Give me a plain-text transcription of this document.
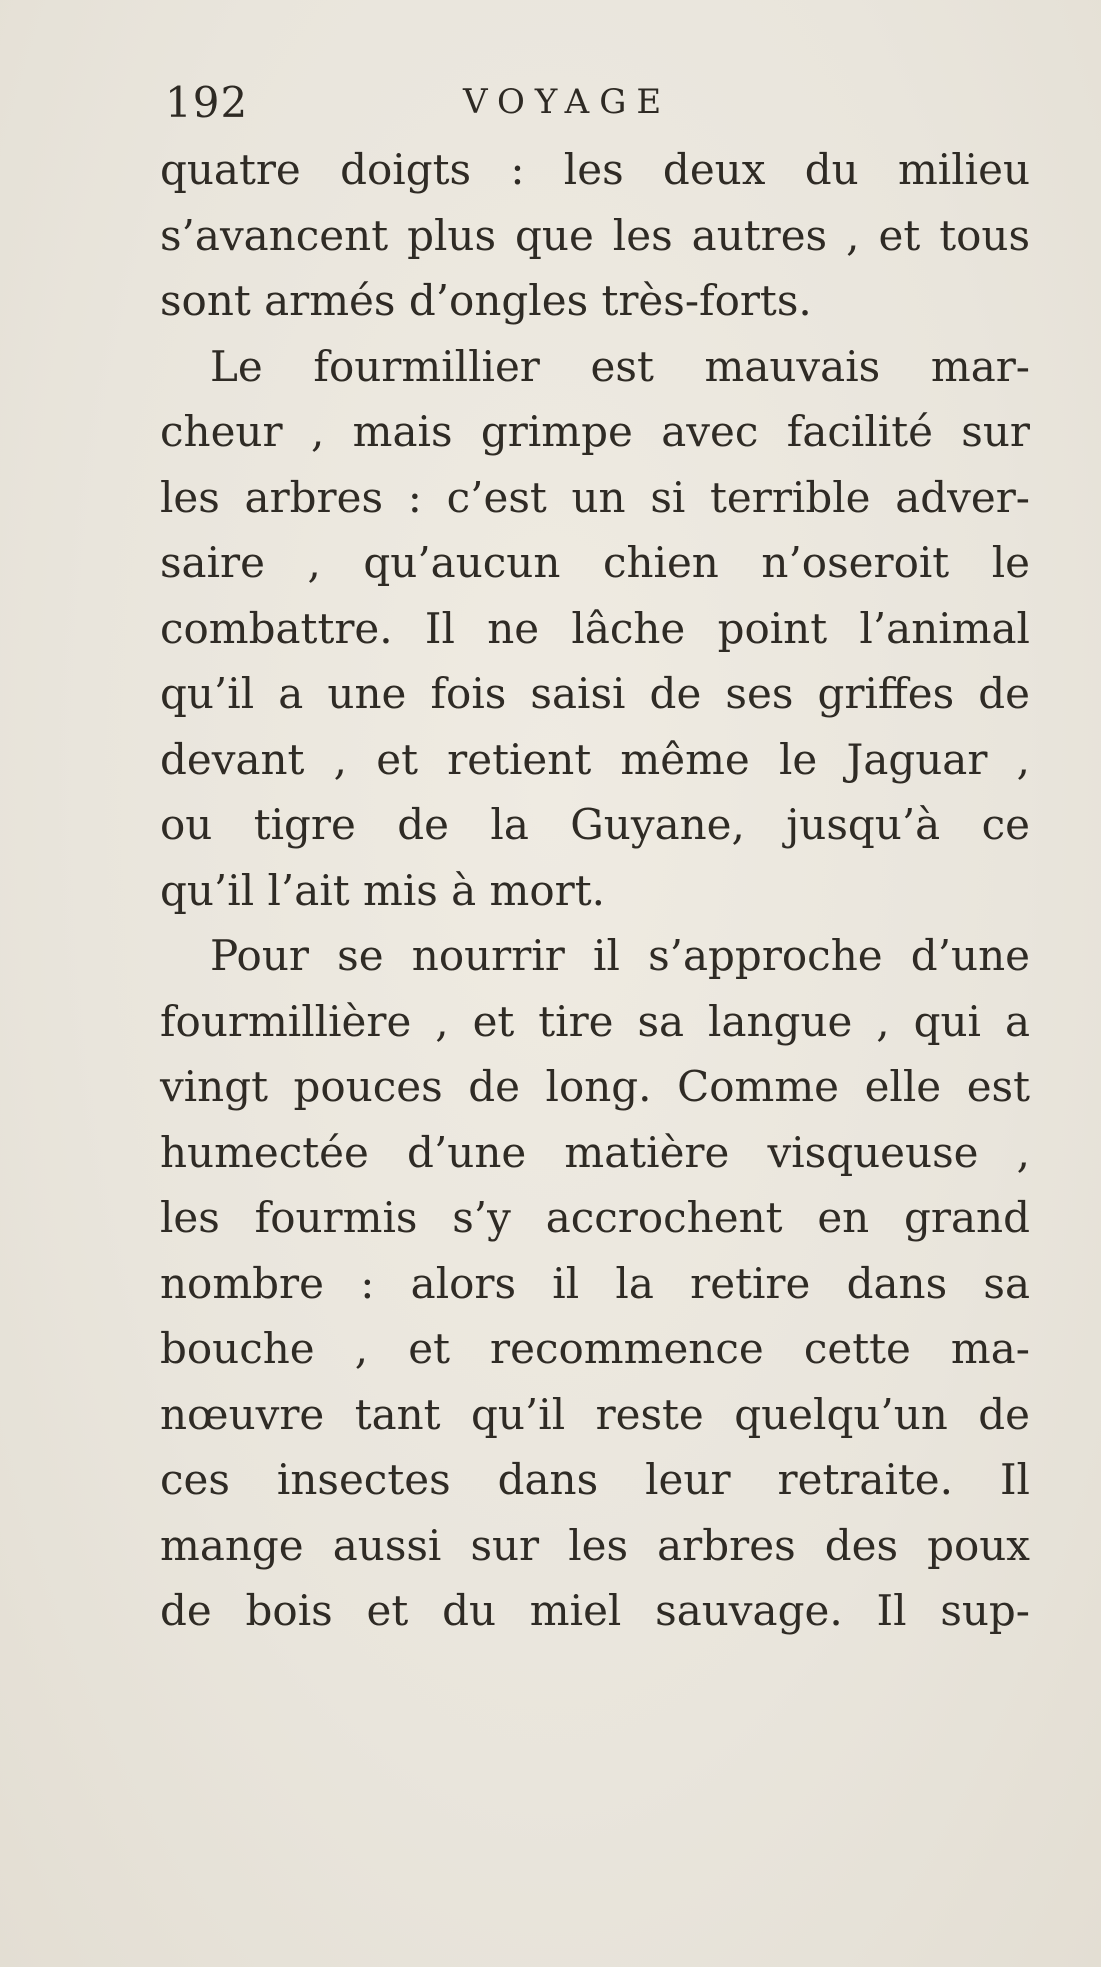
192	VOYAGE
quatre doigts : les deux du milieu
s’avancent plus que les autres , et tous
sont armés d’ongles très-forts.
Le fourmillier est mauvais mar-
cheur , mais grimpe avec facilité sur
les arbres : c’est un si terrible adver-
saire , qu’aucun chien n’oseroit le
combattre. Il ne lâche point l’animal
qu’il a une fois saisi de ses griffes de
devant , et retient même le Jaguar ,
ou tigre de la Guyane, jusqu’à ce
qu’il l’ait mis à mort.
Pour se nourrir il s’approche d’une
fourmillière , et tire sa langue , qui a
vingt pouces de long. Comme elle est
humectée d’une matière visqueuse ,
les fourmis s’y accrochent en grand
nombre : alors il la retire dans sa
bouche , et recommence cette ma-
nœuvre tant qu’il reste quelqu’un de
ces insectes dans leur retraite. Il
mange aussi sur les arbres des poux
de bois et du miel sauvage. Il sup-
